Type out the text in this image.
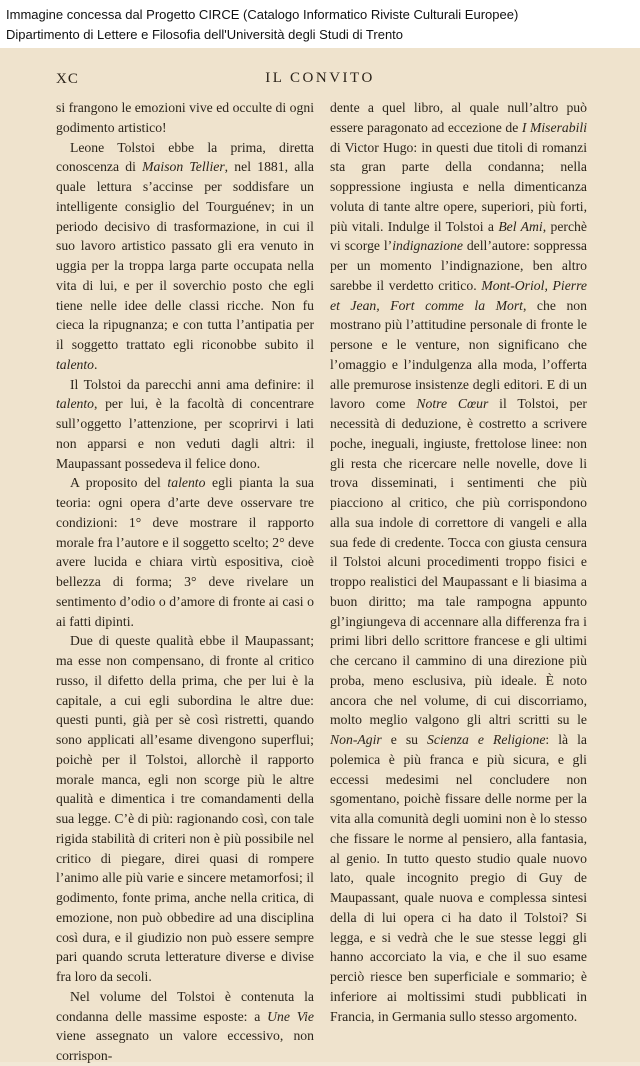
Immagine concessa dal Progetto CIRCE (Catalogo Informatico Riviste Culturali Europee)
Dipartimento di Lettere e Filosofia dell'Università degli Studi di Trento
XC	IL CONVITO

si frangono le emozioni vive ed occulte di ogni godimento artistico!

Leone Tolstoi ebbe la prima, diretta conoscenza di Maison Tellier, nel 1881, alla quale lettura s’accinse per soddisfare un intelligente consiglio del Tourguénev; in un periodo decisivo di trasformazione, in cui il suo lavoro artistico passato gli era venuto in uggia per la troppa larga parte occupata nella vita di lui, e per il soverchio posto che egli tiene nelle idee delle classi ricche. Non fu cieca la ripugnanza; e con tutta l’antipatia per il soggetto trattato egli riconobbe subito il talento.

Il Tolstoi da parecchi anni ama definire: il talento, per lui, è la facoltà di concentrare sull’oggetto l’attenzione, per scoprirvi i lati non apparsi e non veduti dagli altri: il Maupassant possedeva il felice dono.

A proposito del talento egli pianta la sua teoria: ogni opera d’arte deve osservare tre condizioni: 1° deve mostrare il rapporto morale fra l’autore e il soggetto scelto; 2° deve avere lucida e chiara virtù espositiva, cioè bellezza di forma; 3° deve rivelare un sentimento d’odio o d’amore di fronte ai casi o ai fatti dipinti.

Due di queste qualità ebbe il Maupassant; ma esse non compensano, di fronte al critico russo, il difetto della prima, che per lui è la capitale, a cui egli subordina le altre due: questi punti, già per sè così ristretti, quando sono applicati all’esame divengono superflui; poichè per il Tolstoi, allorchè il rapporto morale manca, egli non scorge più le altre qualità e dimentica i tre comandamenti della sua legge. C’è di più: ragionando così, con tale rigida stabilità di criteri non è più possibile nel critico di piegare, direi quasi di rompere l’animo alle più varie e sincere metamorfosi; il godimento, fonte prima, anche nella critica, di emozione, non può obbedire ad una disciplina così dura, e il giudizio non può essere sempre pari quando scruta letterature diverse e divise fra loro da secoli.

Nel volume del Tolstoi è contenuta la condanna delle massime esposte: a Une Vie viene assegnato un valore eccessivo, non corrispon-

dente a quel libro, al quale null’altro può essere paragonato ad eccezione de I Miserabili di Victor Hugo: in questi due titoli di romanzi sta gran parte della condanna; nella soppressione ingiusta e nella dimenticanza voluta di tante altre opere, superiori, più forti, più vitali. Indulge il Tolstoi a Bel Ami, perchè vi scorge l’indignazione dell’autore: soppressa per un momento l’indignazione, ben altro sarebbe il verdetto critico. Mont-Oriol, Pierre et Jean, Fort comme la Mort, che non mostrano più l’attitudine personale di fronte le persone e le venture, non significano che l’omaggio e l’indulgenza alla moda, l’offerta alle premurose insistenze degli editori. E di un lavoro come Notre Cœur il Tolstoi, per necessità di deduzione, è costretto a scrivere poche, ineguali, ingiuste, frettolose linee: non gli resta che ricercare nelle novelle, dove li trova disseminati, i sentimenti che più piacciono al critico, che più corrispondono alla sua indole di correttore di vangeli e alla sua fede di credente. Tocca con giusta censura il Tolstoi alcuni procedimenti troppo fisici e troppo realistici del Maupassant e li biasima a buon diritto; ma tale rampogna appunto gl’ingiungeva di accennare alla differenza fra i primi libri dello scrittore francese e gli ultimi che cercano il cammino di una direzione più proba, meno esclusiva, più ideale. È noto ancora che nel volume, di cui discorriamo, molto meglio valgono gli altri scritti su le Non-Agir e su Scienza e Religione: là la polemica è più franca e più sicura, e gli eccessi medesimi nel concludere non sgomentano, poichè fissare delle norme per la vita alla comunità degli uomini non è lo stesso che fissare le norme al pensiero, alla fantasia, al genio. In tutto questo studio quale nuovo lato, quale incognito pregio di Guy de Maupassant, quale nuova e complessa sintesi della di lui opera ci ha dato il Tolstoi? Si legga, e si vedrà che le sue stesse leggi gli hanno accorciato la via, e che il suo esame perciò riesce ben superficiale e sommario; è inferiore ai moltissimi studi pubblicati in Francia, in Germania sullo stesso argomento.
